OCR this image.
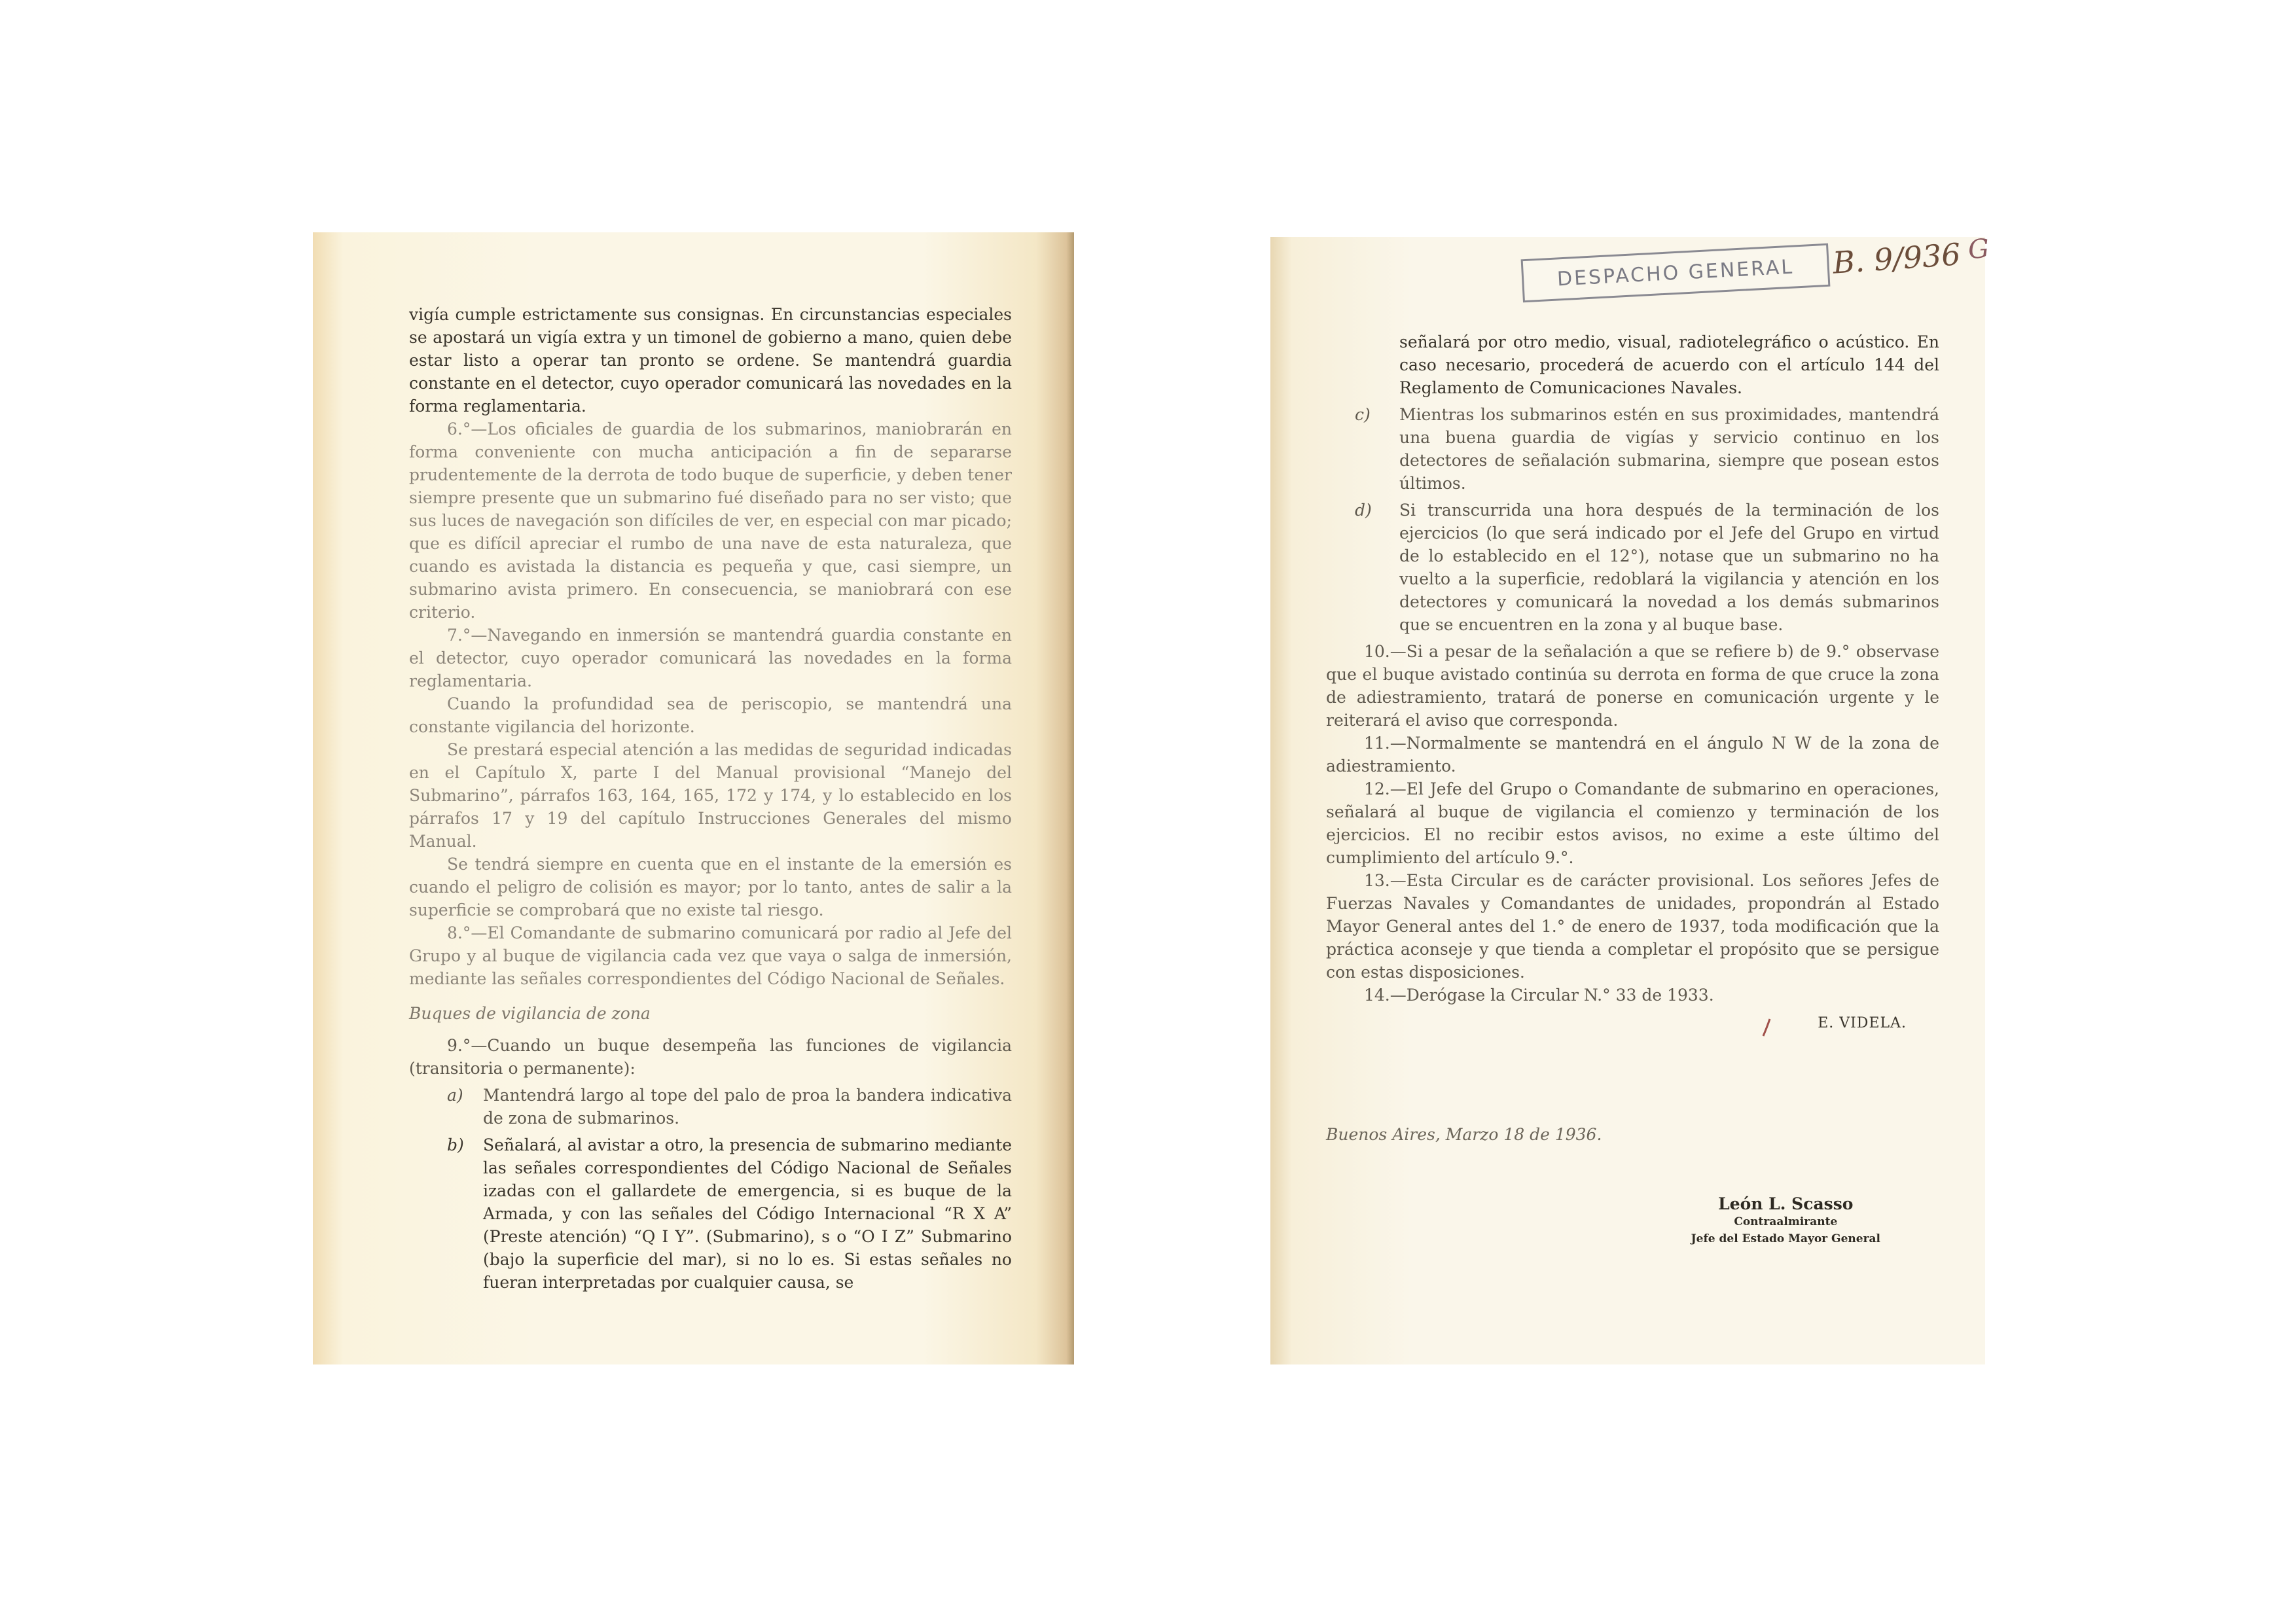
vigía cumple estrictamente sus consignas. En circunstancias especiales se apostará un vigía extra y un timonel de gobierno a mano, quien debe estar listo a operar tan pronto se ordene. Se mantendrá guardia constante en el detector, cuyo operador comunicará las novedades en la forma reglamentaria.

6.°—Los oficiales de guardia de los submarinos, maniobrarán en forma conveniente con mucha anticipación a fin de separarse prudentemente de la derrota de todo buque de superficie, y deben tener siempre presente que un submarino fué diseñado para no ser visto; que sus luces de navegación son difíciles de ver, en especial con mar picado; que es difícil apreciar el rumbo de una nave de esta naturaleza, que cuando es avistada la distancia es pequeña y que, casi siempre, un submarino avista primero. En consecuencia, se maniobrará con ese criterio.

7.°—Navegando en inmersión se mantendrá guardia constante en el detector, cuyo operador comunicará las novedades en la forma reglamentaria.

Cuando la profundidad sea de periscopio, se mantendrá una constante vigilancia del horizonte.

Se prestará especial atención a las medidas de seguridad indicadas en el Capítulo X, parte I del Manual provisional “Manejo del Submarino”, párrafos 163, 164, 165, 172 y 174, y lo establecido en los párrafos 17 y 19 del capítulo Instrucciones Generales del mismo Manual.

Se tendrá siempre en cuenta que en el instante de la emersión es cuando el peligro de colisión es mayor; por lo tanto, antes de salir a la superficie se comprobará que no existe tal riesgo.

8.°—El Comandante de submarino comunicará por radio al Jefe del Grupo y al buque de vigilancia cada vez que vaya o salga de inmersión, mediante las señales correspondientes del Código Nacional de Señales.

Buques de vigilancia de zona

9.°—Cuando un buque desempeña las funciones de vigilancia (transitoria o permanente):

a)	Mantendrá largo al tope del palo de proa la bandera indicativa de zona de submarinos.
b)	Señalará, al avistar a otro, la presencia de submarino mediante las señales correspondientes del Código Nacional de Señales izadas con el gallardete de emergencia, si es buque de la Armada, y con las señales del Código Internacional “R X A” (Preste atención) “Q I Y”. (Submarino), s o “O I Z” Submarino (bajo la superficie del mar), si no lo es. Si estas señales no fueran interpretadas por cualquier causa, se

señalará por otro medio, visual, radiotelegráfico o acústico. En caso necesario, procederá de acuerdo con el artículo 144 del Reglamento de Comunicaciones Navales.

c)	Mientras los submarinos estén en sus proximidades, mantendrá una buena guardia de vigías y servicio continuo en los detectores de señalación submarina, siempre que posean estos últimos.
d)	Si transcurrida una hora después de la terminación de los ejercicios (lo que será indicado por el Jefe del Grupo en virtud de lo establecido en el 12°), notase que un submarino no ha vuelto a la superficie, redoblará la vigilancia y atención en los detectores y comunicará la novedad a los demás submarinos que se encuentren en la zona y al buque base.

10.—Si a pesar de la señalación a que se refiere b) de 9.° observase que el buque avistado continúa su derrota en forma de que cruce la zona de adiestramiento, tratará de ponerse en comunicación urgente y le reiterará el aviso que corresponda.

11.—Normalmente se mantendrá en el ángulo N W de la zona de adiestramiento.

12.—El Jefe del Grupo o Comandante de submarino en operaciones, señalará al buque de vigilancia el comienzo y terminación de los ejercicios. El no recibir estos avisos, no exime a este último del cumplimiento del artículo 9.°.

13.—Esta Circular es de carácter provisional. Los señores Jefes de Fuerzas Navales y Comandantes de unidades, propondrán al Estado Mayor General antes del 1.° de enero de 1937, toda modificación que la práctica aconseje y que tienda a completar el propósito que se persigue con estas disposiciones.

14.—Derógase la Circular N.° 33 de 1933.

E. VIDELA.

Buenos Aires, Marzo 18 de 1936.

León L. Scasso
Contraalmirante
Jefe del Estado Mayor General
DESPACHO GENERAL	B. 9/936 G
